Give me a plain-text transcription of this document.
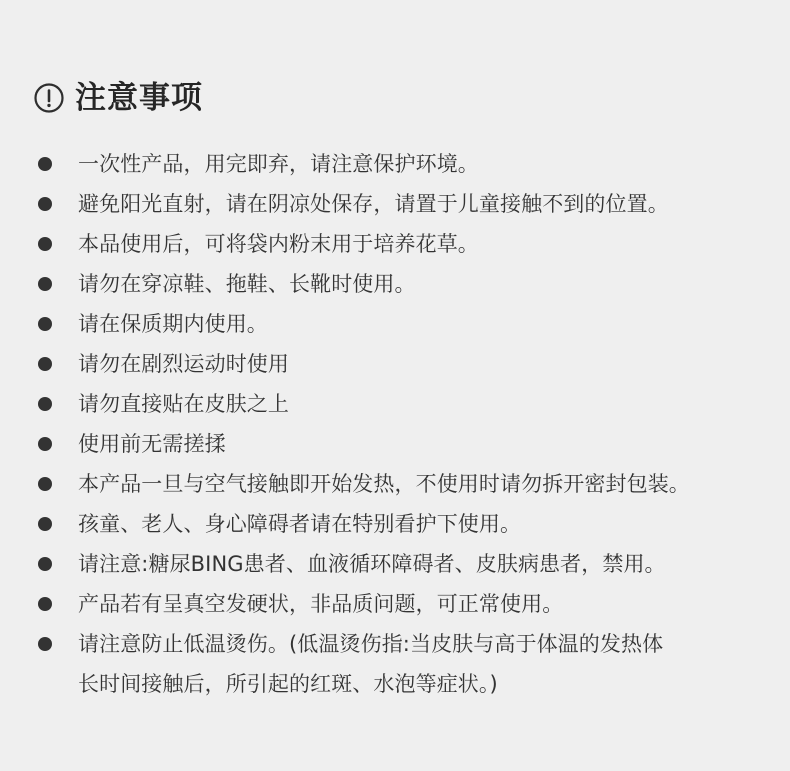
注意事项
一次性产品，用完即弃，请注意保护环境。
避免阳光直射，请在阴凉处保存，请置于儿童接触不到的位置。
本品使用后，可将袋内粉末用于培养花草。
请勿在穿凉鞋、拖鞋、长靴时使用。
请在保质期内使用。
请勿在剧烈运动时使用
请勿直接贴在皮肤之上
使用前无需搓揉
本产品一旦与空气接触即开始发热，不使用时请勿拆开密封包装。
孩童、老人、身心障碍者请在特别看护下使用。
请注意:糖尿BING患者、血液循环障碍者、皮肤病患者，禁用。
产品若有呈真空发硬状，非品质问题，可正常使用。
请注意防止低温烫伤。(低温烫伤指:当皮肤与高于体温的发热体
长时间接触后，所引起的红斑、水泡等症状。)
